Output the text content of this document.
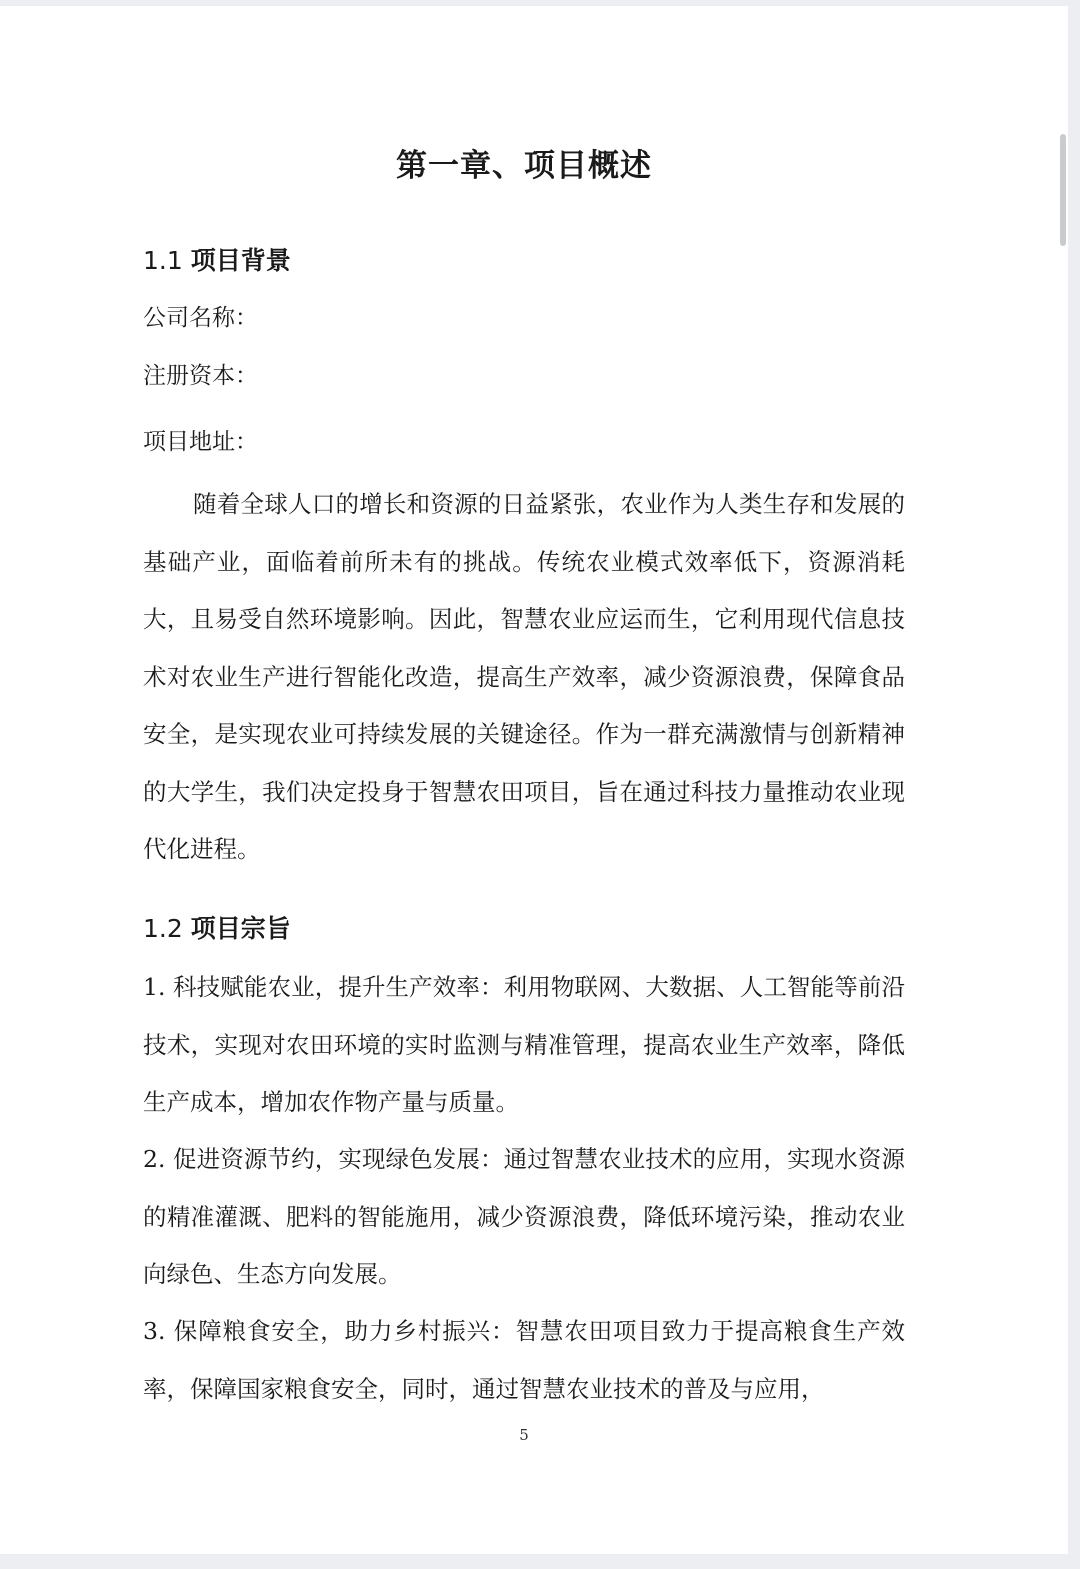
第一章、项目概述
1.1 项目背景

公司名称：

注册资本：

项目地址：

随着全球人口的增长和资源的日益紧张，农业作为人类生存和发展的基础产业，面临着前所未有的挑战。传统农业模式效率低下，资源消耗大，且易受自然环境影响。因此，智慧农业应运而生，它利用现代信息技术对农业生产进行智能化改造，提高生产效率，减少资源浪费，保障食品安全，是实现农业可持续发展的关键途径。作为一群充满激情与创新精神的大学生，我们决定投身于智慧农田项目，旨在通过科技力量推动农业现代化进程。

1.2 项目宗旨

1. 科技赋能农业，提升生产效率：利用物联网、大数据、人工智能等前沿技术，实现对农田环境的实时监测与精准管理，提高农业生产效率，降低生产成本，增加农作物产量与质量。

2. 促进资源节约，实现绿色发展：通过智慧农业技术的应用，实现水资源的精准灌溉、肥料的智能施用，减少资源浪费，降低环境污染，推动农业向绿色、生态方向发展。

3. 保障粮食安全，助力乡村振兴：智慧农田项目致力于提高粮食生产效率，保障国家粮食安全，同时，通过智慧农业技术的普及与应用，

5
